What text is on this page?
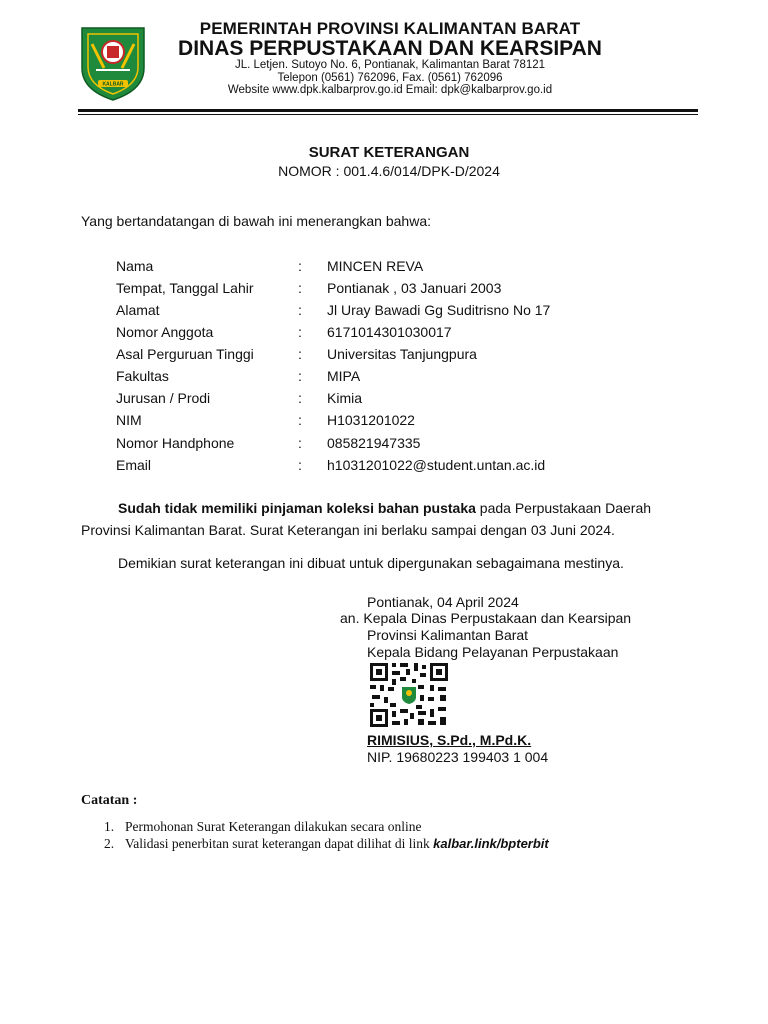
KALBAR
PEMERINTAH PROVINSI KALIMANTAN BARAT
DINAS PERPUSTAKAAN DAN KEARSIPAN
JL. Letjen. Sutoyo No. 6, Pontianak, Kalimantan Barat 78121
Telepon (0561) 762096, Fax. (0561) 762096
Website www.dpk.kalbarprov.go.id Email: dpk@kalbarprov.go.id
SURAT KETERANGAN
NOMOR : 001.4.6/014/DPK-D/2024
Yang bertandatangan di bawah ini menerangkan bahwa:
Nama	: MINCEN REVA
Tempat, Tanggal Lahir	: Pontianak , 03 Januari 2003
Alamat	: Jl Uray Bawadi Gg Suditrisno No 17
Nomor Anggota	: 6171014301030017
Asal Perguruan Tinggi	: Universitas Tanjungpura
Fakultas	: MIPA
Jurusan / Prodi	: Kimia
NIM	: H1031201022
Nomor Handphone	: 085821947335
Email	: h1031201022@student.untan.ac.id
Sudah tidak memiliki pinjaman koleksi bahan pustaka pada Perpustakaan Daerah
Provinsi Kalimantan Barat. Surat Keterangan ini berlaku sampai dengan 03 Juni 2024.
Demikian surat keterangan ini dibuat untuk dipergunakan sebagaimana mestinya.
Pontianak, 04 April 2024
an. Kepala Dinas Perpustakaan dan Kearsipan
Provinsi Kalimantan Barat
Kepala Bidang Pelayanan Perpustakaan
RIMISIUS, S.Pd., M.Pd.K.
NIP. 19680223 199403 1 004
Catatan :
1. Permohonan Surat Keterangan dilakukan secara online
2. Validasi penerbitan surat keterangan dapat dilihat di link kalbar.link/bpterbit
